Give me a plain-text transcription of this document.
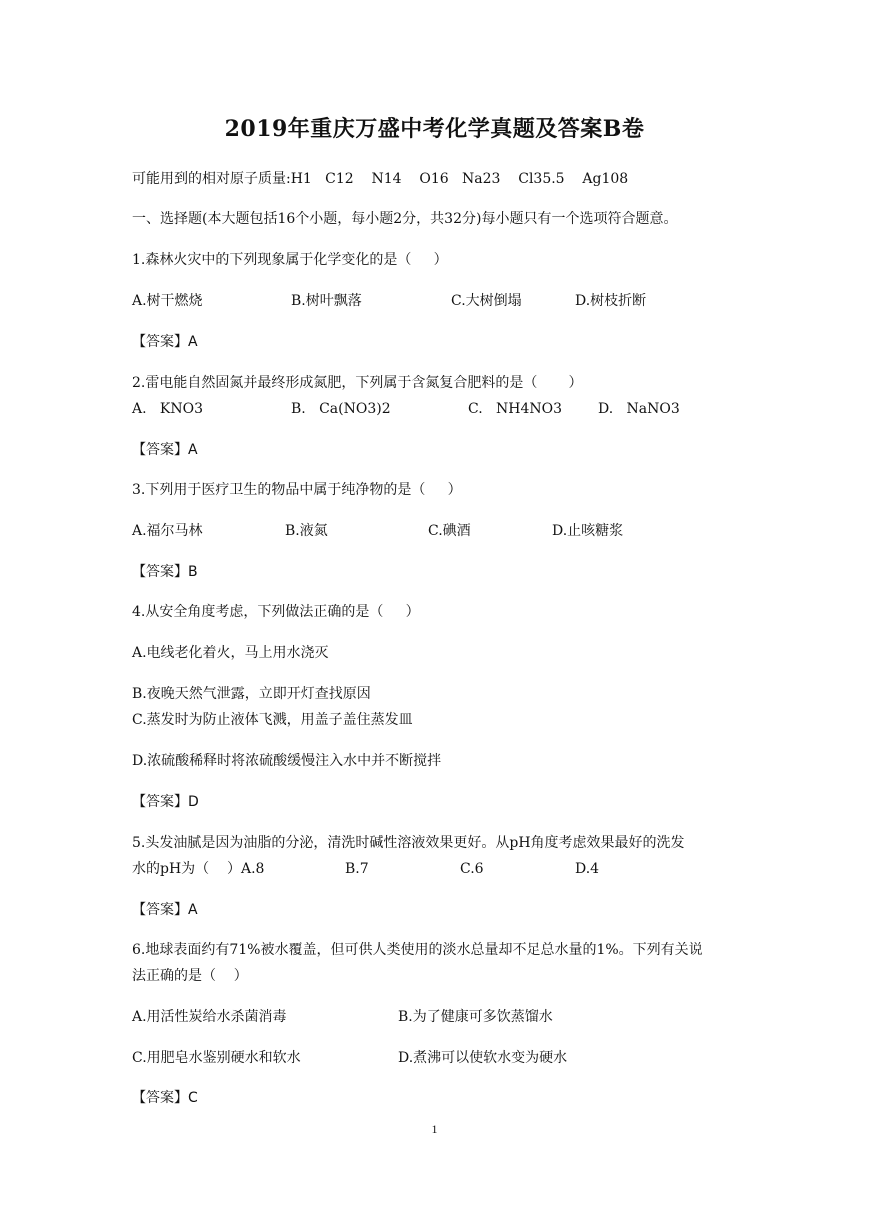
2019年重庆万盛中考化学真题及答案B卷
可能用到的相对原子质量:H1   C12    N14    O16   Na23    Cl35.5    Ag108
一、选择题(本大题包括16个小题，每小题2分，共32分)每小题只有一个选项符合题意。
1.森林火灾中的下列现象属于化学变化的是（     ）
A.树干燃烧	B.树叶飘落	C.大树倒塌	D.树枝折断
【答案】A
2.雷电能自然固氮并最终形成氮肥，下列属于含氮复合肥料的是（       ）
A.   KNO3	B.   Ca(NO3)2	C.   NH4NO3	D.   NaNO3
【答案】A
3.下列用于医疗卫生的物品中属于纯净物的是（     ）
A.福尔马林	B.液氮	C.碘酒	D.止咳糖浆
【答案】B
4.从安全角度考虑，下列做法正确的是（     ）
A.电线老化着火，马上用水浇灭
B.夜晚天然气泄露，立即开灯查找原因
C.蒸发时为防止液体飞溅，用盖子盖住蒸发皿
D.浓硫酸稀释时将浓硫酸缓慢注入水中并不断搅拌
【答案】D
5.头发油腻是因为油脂的分泌，清洗时碱性溶液效果更好。从pH角度考虑效果最好的洗发
水的pH为（    ）A.8	B.7	C.6	D.4
【答案】A
6.地球表面约有71%被水覆盖，但可供人类使用的淡水总量却不足总水量的1%。下列有关说
法正确的是（    ）
A.用活性炭给水杀菌消毒	B.为了健康可多饮蒸馏水
C.用肥皂水鉴别硬水和软水	D.煮沸可以使软水变为硬水
【答案】C
1
